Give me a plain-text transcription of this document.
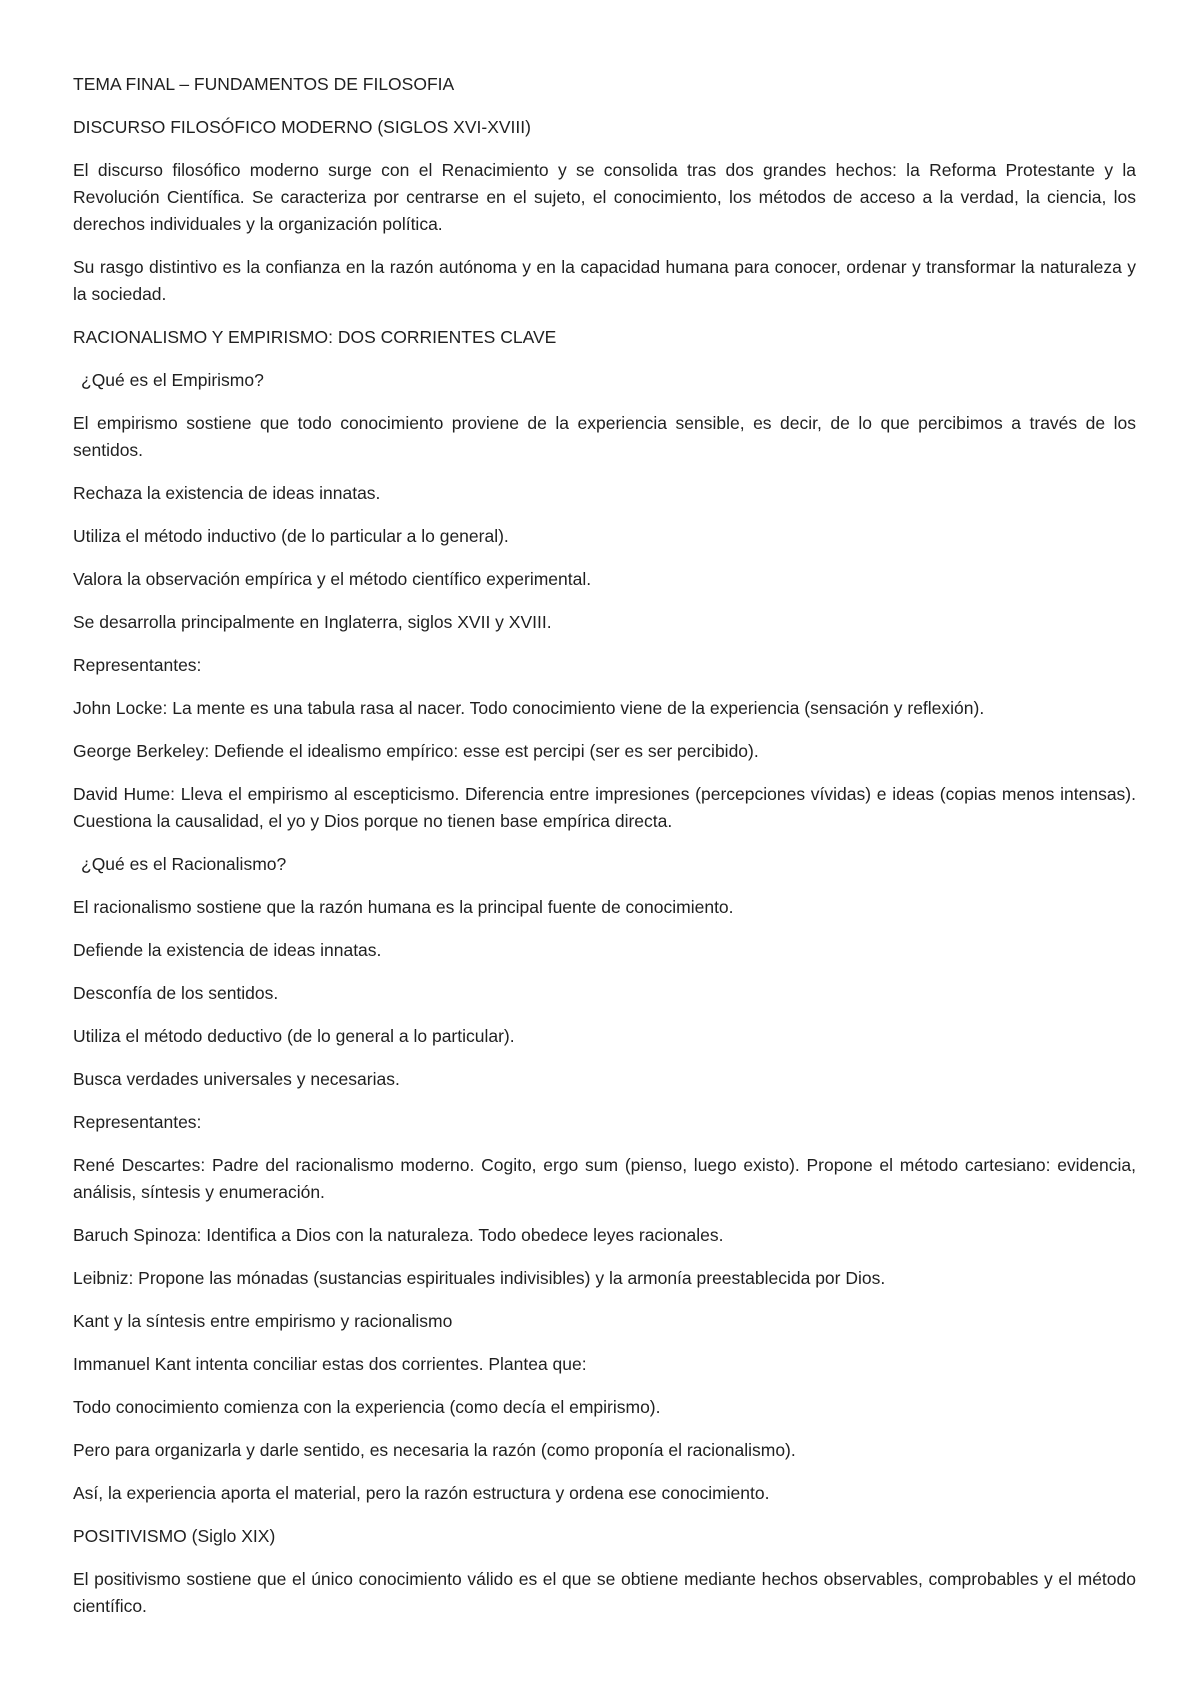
TEMA FINAL – FUNDAMENTOS DE FILOSOFIA

DISCURSO FILOSÓFICO MODERNO (SIGLOS XVI-XVIII)

El discurso filosófico moderno surge con el Renacimiento y se consolida tras dos grandes hechos: la Reforma Protestante y la Revolución Científica. Se caracteriza por centrarse en el sujeto, el conocimiento, los métodos de acceso a la verdad, la ciencia, los derechos individuales y la organización política.

Su rasgo distintivo es la confianza en la razón autónoma y en la capacidad humana para conocer, ordenar y transformar la naturaleza y la sociedad.

RACIONALISMO Y EMPIRISMO: DOS CORRIENTES CLAVE

¿Qué es el Empirismo?

El empirismo sostiene que todo conocimiento proviene de la experiencia sensible, es decir, de lo que percibimos a través de los sentidos.

Rechaza la existencia de ideas innatas.

Utiliza el método inductivo (de lo particular a lo general).

Valora la observación empírica y el método científico experimental.

Se desarrolla principalmente en Inglaterra, siglos XVII y XVIII.

Representantes:

John Locke: La mente es una tabula rasa al nacer. Todo conocimiento viene de la experiencia (sensación y reflexión).

George Berkeley: Defiende el idealismo empírico: esse est percipi (ser es ser percibido).

David Hume: Lleva el empirismo al escepticismo. Diferencia entre impresiones (percepciones vívidas) e ideas (copias menos intensas). Cuestiona la causalidad, el yo y Dios porque no tienen base empírica directa.

¿Qué es el Racionalismo?

El racionalismo sostiene que la razón humana es la principal fuente de conocimiento.

Defiende la existencia de ideas innatas.

Desconfía de los sentidos.

Utiliza el método deductivo (de lo general a lo particular).

Busca verdades universales y necesarias.

Representantes:

René Descartes: Padre del racionalismo moderno. Cogito, ergo sum (pienso, luego existo). Propone el método cartesiano: evidencia, análisis, síntesis y enumeración.

Baruch Spinoza: Identifica a Dios con la naturaleza. Todo obedece leyes racionales.

Leibniz: Propone las mónadas (sustancias espirituales indivisibles) y la armonía preestablecida por Dios.

Kant y la síntesis entre empirismo y racionalismo

Immanuel Kant intenta conciliar estas dos corrientes. Plantea que:

Todo conocimiento comienza con la experiencia (como decía el empirismo).

Pero para organizarla y darle sentido, es necesaria la razón (como proponía el racionalismo).

Así, la experiencia aporta el material, pero la razón estructura y ordena ese conocimiento.

POSITIVISMO (Siglo XIX)

El positivismo sostiene que el único conocimiento válido es el que se obtiene mediante hechos observables, comprobables y el método científico.
